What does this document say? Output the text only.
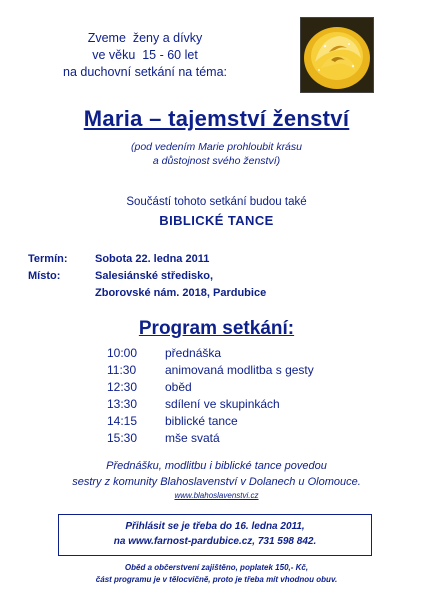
Zveme  ženy a dívky
ve věku  15 - 60 let
na duchovní setkání na téma:
Maria – tajemství ženství
(pod vedením Marie prohloubit krásu
a důstojnost svého ženství)
Součástí tohoto setkání budou také
BIBLICKÉ TANCE
Termín: Sobota 22. ledna 2011
Místo:	Salesiánské středisko,
Zborovské nám. 2018, Pardubice
Program setkání:
10:00 přednáška
11:30 animovaná modlitba s gesty
12:30 oběd
13:30 sdílení ve skupinkách
14:15 biblické tance
15:30 mše svatá
Přednášku, modlitbu i biblické tance povedou
sestry z komunity Blahoslavenství v Dolanech u Olomouce.
www.blahoslavenstvi.cz
Přihlásit se je třeba do 16. ledna 2011,
na www.farnost-pardubice.cz, 731 598 842.
Oběd a občerstvení zajištěno, poplatek 150,- Kč,
část programu je v tělocvičně, proto je třeba mít vhodnou obuv.
